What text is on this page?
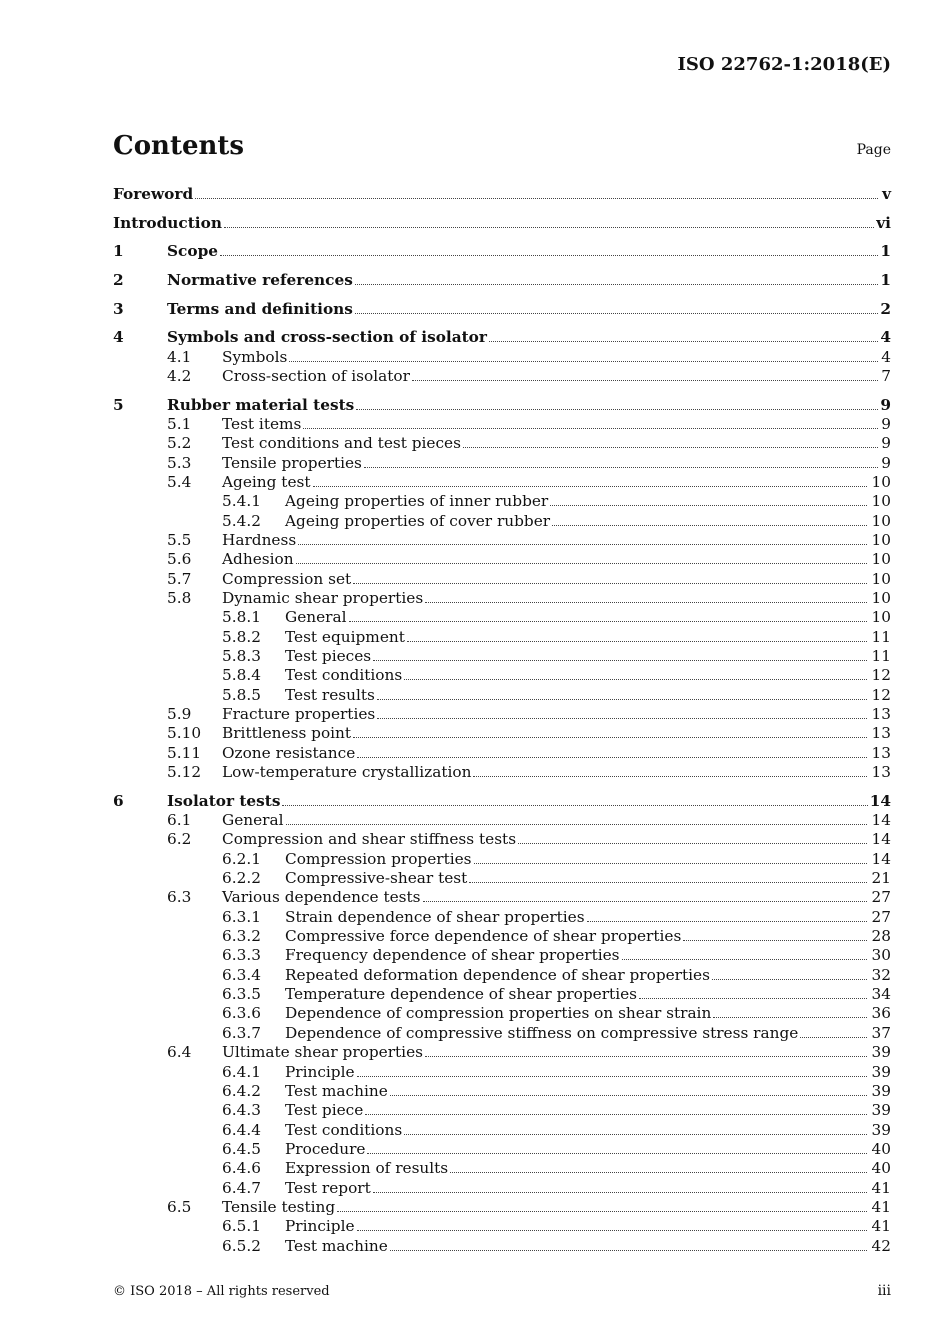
ISO 22762-1:2018(E)
Contents	Page
Foreword	v
Introduction	vi
1	Scope	1
2	Normative references	1
3	Terms and definitions	2
4	Symbols and cross-section of isolator	4
4.1 Symbols	4
4.2 Cross-section of isolator	7
5	Rubber material tests	9
5.1 Test items	9
5.2 Test conditions and test pieces	9
5.3 Tensile properties	9
5.4 Ageing test	10
5.4.1 Ageing properties of inner rubber	10
5.4.2 Ageing properties of cover rubber	10
5.5 Hardness	10
5.6 Adhesion	10
5.7 Compression set	10
5.8 Dynamic shear properties	10
5.8.1 General	10
5.8.2 Test equipment	11
5.8.3 Test pieces	11
5.8.4 Test conditions	12
5.8.5 Test results	12
5.9 Fracture properties	13
5.10 Brittleness point	13
5.11 Ozone resistance	13
5.12 Low-temperature crystallization	13
6	Isolator tests	14
6.1 General	14
6.2 Compression and shear stiffness tests	14
6.2.1 Compression properties	14
6.2.2 Compressive-shear test	21
6.3 Various dependence tests	27
6.3.1 Strain dependence of shear properties	27
6.3.2 Compressive force dependence of shear properties	28
6.3.3 Frequency dependence of shear properties	30
6.3.4 Repeated deformation dependence of shear properties	32
6.3.5 Temperature dependence of shear properties	34
6.3.6 Dependence of compression properties on shear strain	36
6.3.7 Dependence of compressive stiffness on compressive stress range	37
6.4 Ultimate shear properties	39
6.4.1 Principle	39
6.4.2 Test machine	39
6.4.3 Test piece	39
6.4.4 Test conditions	39
6.4.5 Procedure	40
6.4.6 Expression of results	40
6.4.7 Test report	41
6.5 Tensile testing	41
6.5.1 Principle	41
6.5.2 Test machine	42
© ISO 2018 – All rights reserved	iii
